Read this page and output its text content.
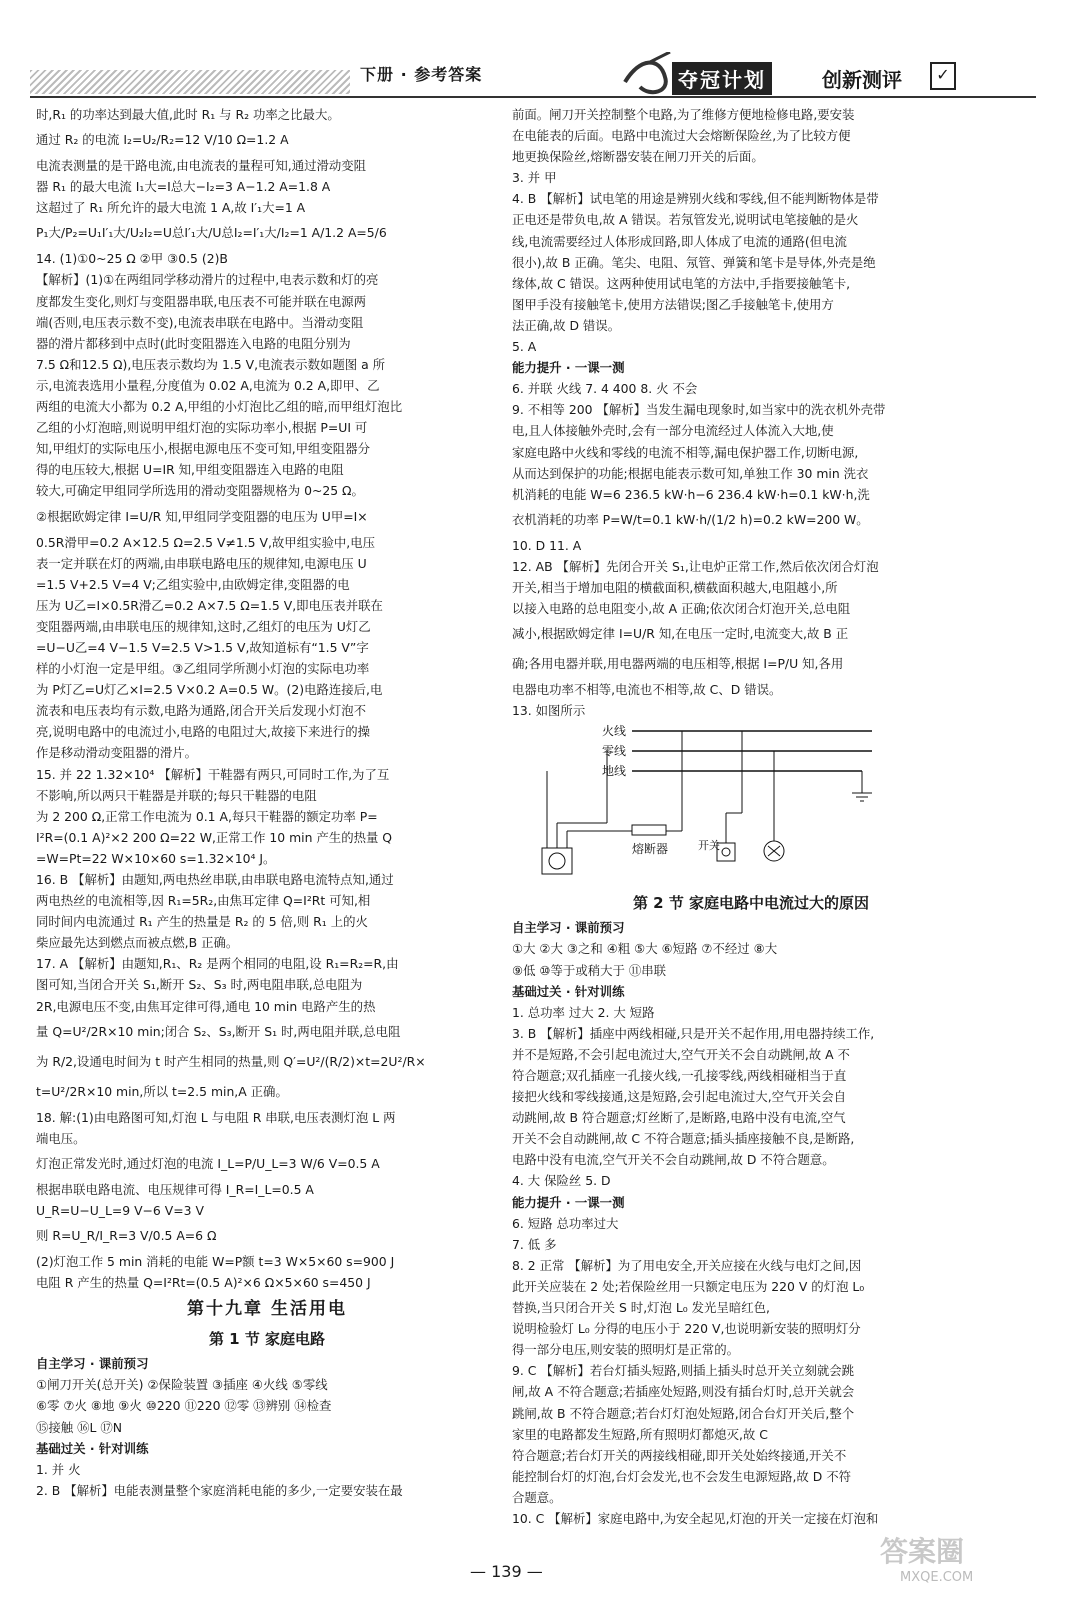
下册 · 参考答案	夺冠计划	创新测评	✓

时,R₁ 的功率达到最大值,此时 R₁ 与 R₂ 功率之比最大。

通过 R₂ 的电流 I₂=U₂/R₂=12 V/10 Ω=1.2 A

电流表测量的是干路电流,由电流表的量程可知,通过滑动变阻

器 R₁ 的最大电流 I₁大=I总大−I₂=3 A−1.2 A=1.8 A

这超过了 R₁ 所允许的最大电流 1 A,故 I′₁大=1 A

P₁大/P₂=U₁I′₁大/U₂I₂=U总I′₁大/U总I₂=I′₁大/I₂=1 A/1.2 A=5/6

14. (1)①0~25 Ω ②甲 ③0.5 (2)B

【解析】(1)①在两组同学移动滑片的过程中,电表示数和灯的亮

度都发生变化,则灯与变阻器串联,电压表不可能并联在电源两

端(否则,电压表示数不变),电流表串联在电路中。当滑动变阻

器的滑片都移到中点时(此时变阻器连入电路的电阻分别为

7.5 Ω和12.5 Ω),电压表示数均为 1.5 V,电流表示数如题图 a 所

示,电流表选用小量程,分度值为 0.02 A,电流为 0.2 A,即甲、乙

两组的电流大小都为 0.2 A,甲组的小灯泡比乙组的暗,而甲组灯泡比

乙组的小灯泡暗,则说明甲组灯泡的实际功率小,根据 P=UI 可

知,甲组灯的实际电压小,根据电源电压不变可知,甲组变阻器分

得的电压较大,根据 U=IR 知,甲组变阻器连入电路的电阻

较大,可确定甲组同学所选用的滑动变阻器规格为 0~25 Ω。

②根据欧姆定律 I=U/R 知,甲组同学变阻器的电压为 U甲=I×

0.5R滑甲=0.2 A×12.5 Ω=2.5 V≠1.5 V,故甲组实验中,电压

表一定并联在灯的两端,由串联电路电压的规律知,电源电压 U

=1.5 V+2.5 V=4 V;乙组实验中,由欧姆定律,变阻器的电

压为 U乙=I×0.5R滑乙=0.2 A×7.5 Ω=1.5 V,即电压表并联在

变阻器两端,由串联电压的规律知,这时,乙组灯的电压为 U灯乙

=U−U乙=4 V−1.5 V=2.5 V>1.5 V,故知道标有“1.5 V”字

样的小灯泡一定是甲组。③乙组同学所测小灯泡的实际电功率

为 P灯乙=U灯乙×I=2.5 V×0.2 A=0.5 W。(2)电路连接后,电

流表和电压表均有示数,电路为通路,闭合开关后发现小灯泡不

亮,说明电路中的电流过小,电路的电阻过大,故接下来进行的操

作是移动滑动变阻器的滑片。

15. 并 22 1.32×10⁴ 【解析】干鞋器有两只,可同时工作,为了互

不影响,所以两只干鞋器是并联的;每只干鞋器的电阻

为 2 200 Ω,正常工作电流为 0.1 A,每只干鞋器的额定功率 P=

I²R=(0.1 A)²×2 200 Ω=22 W,正常工作 10 min 产生的热量 Q

=W=Pt=22 W×10×60 s=1.32×10⁴ J。

16. B 【解析】由题知,两电热丝串联,由串联电路电流特点知,通过

两电热丝的电流相等,因 R₁=5R₂,由焦耳定律 Q=I²Rt 可知,相

同时间内电流通过 R₁ 产生的热量是 R₂ 的 5 倍,则 R₁ 上的火

柴应最先达到燃点而被点燃,B 正确。

17. A 【解析】由题知,R₁、R₂ 是两个相同的电阻,设 R₁=R₂=R,由

图可知,当闭合开关 S₁,断开 S₂、S₃ 时,两电阻串联,总电阻为

2R,电源电压不变,由焦耳定律可得,通电 10 min 电路产生的热

量 Q=U²/2R×10 min;闭合 S₂、S₃,断开 S₁ 时,两电阻并联,总电阻

为 R/2,设通电时间为 t 时产生相同的热量,则 Q′=U²/(R/2)×t=2U²/R×

t=U²/2R×10 min,所以 t=2.5 min,A 正确。

18. 解:(1)由电路图可知,灯泡 L 与电阻 R 串联,电压表测灯泡 L 两

端电压。

灯泡正常发光时,通过灯泡的电流 I_L=P/U_L=3 W/6 V=0.5 A

根据串联电路电流、电压规律可得 I_R=I_L=0.5 A

U_R=U−U_L=9 V−6 V=3 V

则 R=U_R/I_R=3 V/0.5 A=6 Ω

(2)灯泡工作 5 min 消耗的电能 W=P额 t=3 W×5×60 s=900 J

电阻 R 产生的热量 Q=I²Rt=(0.5 A)²×6 Ω×5×60 s=450 J

第十九章 生活用电

第 1 节 家庭电路

自主学习 · 课前预习

①闸刀开关(总开关) ②保险装置 ③插座 ④火线 ⑤零线

⑥零 ⑦火 ⑧地 ⑨火 ⑩220 ⑪220 ⑫零 ⑬辨别 ⑭检查

⑮接触 ⑯L ⑰N

基础过关 · 针对训练

1. 并 火

2. B 【解析】电能表测量整个家庭消耗电能的多少,一定要安装在最

前面。闸刀开关控制整个电路,为了维修方便地检修电路,要安装

在电能表的后面。电路中电流过大会熔断保险丝,为了比较方便

地更换保险丝,熔断器安装在闸刀开关的后面。

3. 并 甲

4. B 【解析】试电笔的用途是辨别火线和零线,但不能判断物体是带

正电还是带负电,故 A 错误。若氖管发光,说明试电笔接触的是火

线,电流需要经过人体形成回路,即人体成了电流的通路(但电流

很小),故 B 正确。笔尖、电阻、氖管、弹簧和笔卡是导体,外壳是绝

缘体,故 C 错误。这两种使用试电笔的方法中,手指要接触笔卡,

图甲手没有接触笔卡,使用方法错误;图乙手接触笔卡,使用方

法正确,故 D 错误。

5. A

能力提升 · 一课一测

6. 并联 火线 7. 4 400 8. 火 不会

9. 不相等 200 【解析】当发生漏电现象时,如当家中的洗衣机外壳带

电,且人体接触外壳时,会有一部分电流经过人体流入大地,使

家庭电路中火线和零线的电流不相等,漏电保护器工作,切断电源,

从而达到保护的功能;根据电能表示数可知,单独工作 30 min 洗衣

机消耗的电能 W=6 236.5 kW·h−6 236.4 kW·h=0.1 kW·h,洗

衣机消耗的功率 P=W/t=0.1 kW·h/(1/2 h)=0.2 kW=200 W。

10. D 11. A

12. AB 【解析】先闭合开关 S₁,让电炉正常工作,然后依次闭合灯泡

开关,相当于增加电阻的横截面积,横截面积越大,电阻越小,所

以接入电路的总电阻变小,故 A 正确;依次闭合灯泡开关,总电阻

减小,根据欧姆定律 I=U/R 知,在电压一定时,电流变大,故 B 正

确;各用电器并联,用电器两端的电压相等,根据 I=P/U 知,各用

电器电功率不相等,电流也不相等,故 C、D 错误。

13. 如图所示

火线
零线
地线
熔断器	开关

第 2 节 家庭电路中电流过大的原因

自主学习 · 课前预习

①大 ②大 ③之和 ④粗 ⑤大 ⑥短路 ⑦不经过 ⑧大

⑨低 ⑩等于或稍大于 ⑪串联

基础过关 · 针对训练

1. 总功率 过大 2. 大 短路

3. B 【解析】插座中两线相碰,只是开关不起作用,用电器持续工作,

并不是短路,不会引起电流过大,空气开关不会自动跳闸,故 A 不

符合题意;双孔插座一孔接火线,一孔接零线,两线相碰相当于直

接把火线和零线接通,这是短路,会引起电流过大,空气开关会自

动跳闸,故 B 符合题意;灯丝断了,是断路,电路中没有电流,空气

开关不会自动跳闸,故 C 不符合题意;插头插座接触不良,是断路,

电路中没有电流,空气开关不会自动跳闸,故 D 不符合题意。

4. 大 保险丝 5. D

能力提升 · 一课一测

6. 短路 总功率过大

7. 低 多

8. 2 正常 【解析】为了用电安全,开关应接在火线与电灯之间,因

此开关应装在 2 处;若保险丝用一只额定电压为 220 V 的灯泡 L₀

替换,当只闭合开关 S 时,灯泡 L₀ 发光呈暗红色,

说明检验灯 L₀ 分得的电压小于 220 V,也说明新安装的照明灯分

得一部分电压,则安装的照明灯是正常的。

9. C 【解析】若台灯插头短路,则插上插头时总开关立刻就会跳

闸,故 A 不符合题意;若插座处短路,则没有插台灯时,总开关就会

跳闸,故 B 不符合题意;若台灯灯泡处短路,闭合台灯开关后,整个

家里的电路都发生短路,所有照明灯都熄灭,故 C

符合题意;若台灯开关的两接线相碰,即开关处始终接通,开关不

能控制台灯的灯泡,台灯会发光,也不会发生电源短路,故 D 不符

合题意。

10. C 【解析】家庭电路中,为安全起见,灯泡的开关一定接在灯泡和

— 139 —
答案圈
MXQE.COM
